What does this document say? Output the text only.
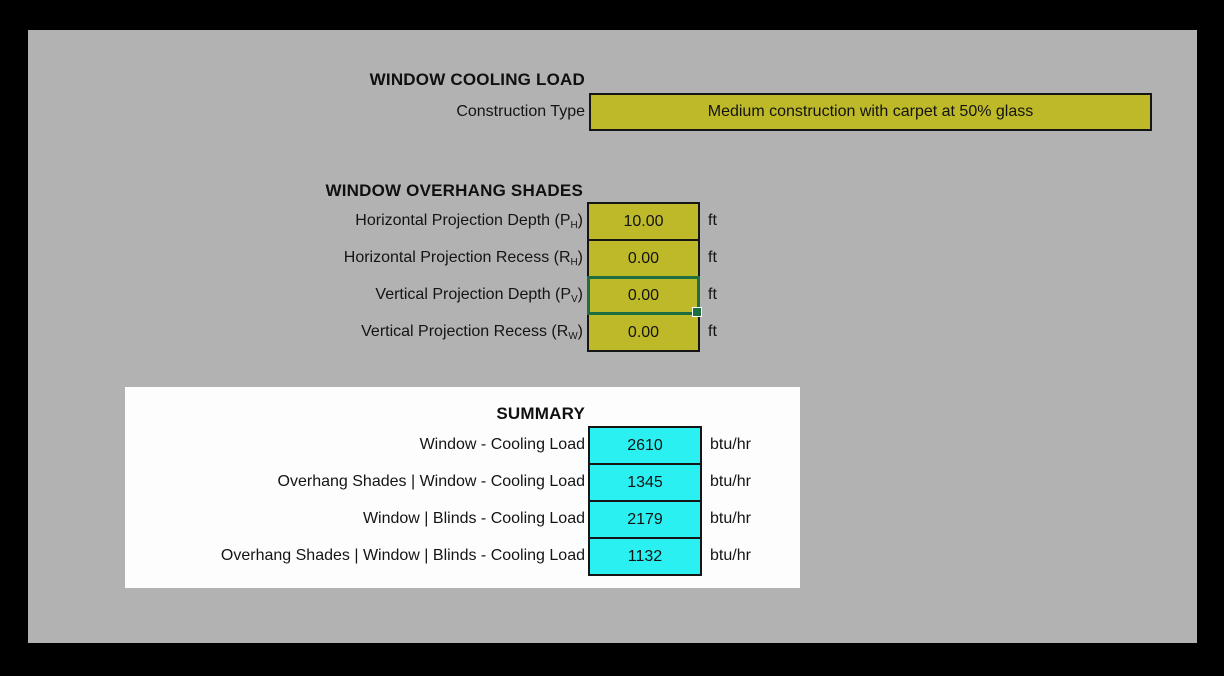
WINDOW COOLING LOAD
Construction Type	Medium construction with carpet at 50% glass
WINDOW OVERHANG SHADES
Horizontal Projection Depth $(P_H)$
Horizontal Projection Recess $(R_H)$
Vertical Projection Depth $(P_V)$
Vertical Projection Recess $(R_W)$
10.00
0.00
0.00
0.00
ft
ft
ft
ft
SUMMARY
Window - Cooling Load
Overhang Shades | Window - Cooling Load
Window | Blinds - Cooling Load
Overhang Shades | Window | Blinds - Cooling Load
2610
1345
2179
1132
btu/hr
btu/hr
btu/hr
btu/hr
